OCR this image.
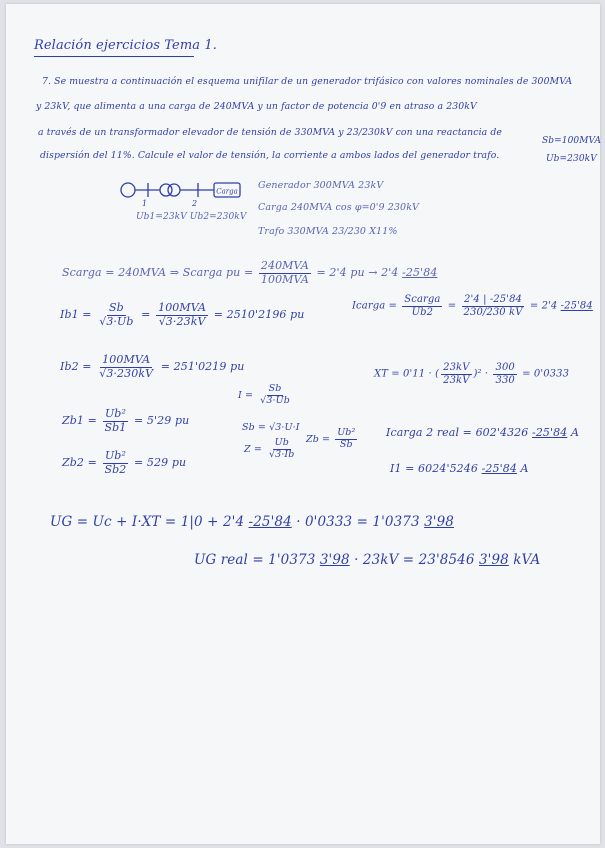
Relación ejercicios Tema 1.
7. Se muestra a continuación el esquema unifilar de un generador trifásico con valores nominales de 300MVA
y 23kV, que alimenta a una carga de 240MVA y un factor de potencia 0'9 en atraso a 230kV
a través de un transformador elevador de tensión de 330MVA y 23/230kV con una reactancia de
dispersión del 11%. Calcule el valor de tensión, la corriente a ambos lados del generador trafo.
Sb=100MVA
Ub=230kV
Carga
1	2
Ub1=23kV Ub2=230kV
Generador 300MVA 23kV
Carga 240MVA cos φ=0'9 230kV
Trafo 330MVA 23/230 X11%
Scarga = 240MVA ⇒ Scarga pu = $\frac{\text{240MVA}}{\text{100MVA}} = 2'4$ pu → 2'4 -25'84
$Ib1 = \frac{Sb}{√3\cdot Ub} = \frac{\text{100MVA}}{√3\cdot 23kV} = 2510'2196$ pu
Icarga = $\frac{\text{Scarga}}{Ub2} = \frac{2'4 | -25'84}{230/230 kV} = 2'4$ -25'84
$Ib2 = \frac{\text{100MVA}}{√3\cdot 230kV} = 251'0219$ pu
XT = 0'11 · ( $\frac{23kV}{23kV} )^2 \cdot \frac{300}{330} = 0'0333$
$I = \frac{Sb}{√3\cdot Ub}$
$Zb1 = \frac{\text{Ub²}}{Sb1} = 5'29$ pu
Sb = √3·U·I
$Z = \frac{Ub}{√3\cdot Ib}$ $Zb = \frac{\text{Ub²}}{Sb}$	Icarga 2 real = 602'4326 -25'84 A
$Zb2 = \frac{\text{Ub²}}{Sb2} = 529$ pu	I1 = 6024'5246 -25'84 A
UG = Uc + I·XT = 1|0 + 2'4 -25'84 · 0'0333 = 1'0373 3'98
UG real = 1'0373 3'98 · 23kV = 23'8546 3'98 kVA
